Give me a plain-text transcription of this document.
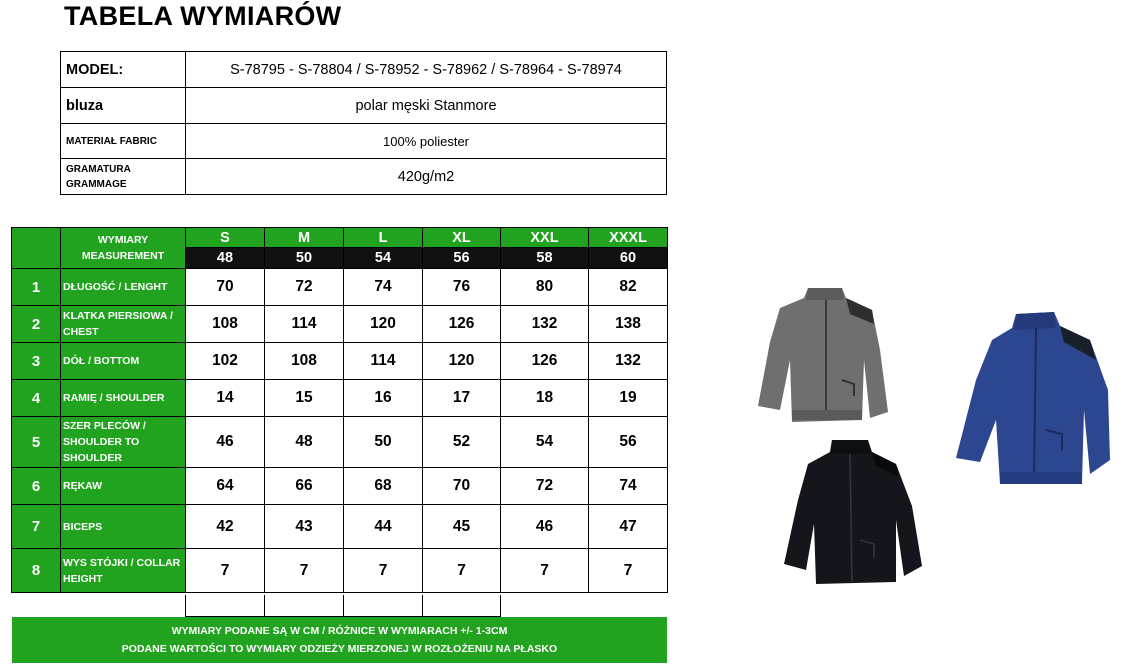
TABELA WYMIARÓW
MODEL:	S-78795 - S-78804 / S-78952 - S-78962 / S-78964 - S-78974
bluza	polar męski Stanmore
MATERIAŁ FABRIC	100% poliester

GRAMATURA
GRAMMAGE	420g/m2

	WYMIARY
MEASUREMENT	S	M	L	XL	XXL	XXXL
		48	50	54	56	58	60
1	DŁUGOŚĆ / LENGHT	70	72	74	76	80	82
2	KLATKA PIERSIOWA / CHEST	108	114	120	126	132	138
3	DÓŁ / BOTTOM	102	108	114	120	126	132
4	RAMIĘ / SHOULDER	14	15	16	17	18	19
5	SZER PLECÓW / SHOULDER TO SHOULDER	46	48	50	52	54	56
6	RĘKAW	64	66	68	70	72	74
7	BICEPS	42	43	44	45	46	47
8	WYS STÓJKI / COLLAR HEIGHT	7	7	7	7	7	7
WYMIARY PODANE SĄ W CM / RÓŻNICE W WYMIARACH +/- 1-3CM
PODANE WARTOŚCI TO WYMIARY ODZIEŻY MIERZONEJ W ROZŁOŻENIU NA PŁASKO
